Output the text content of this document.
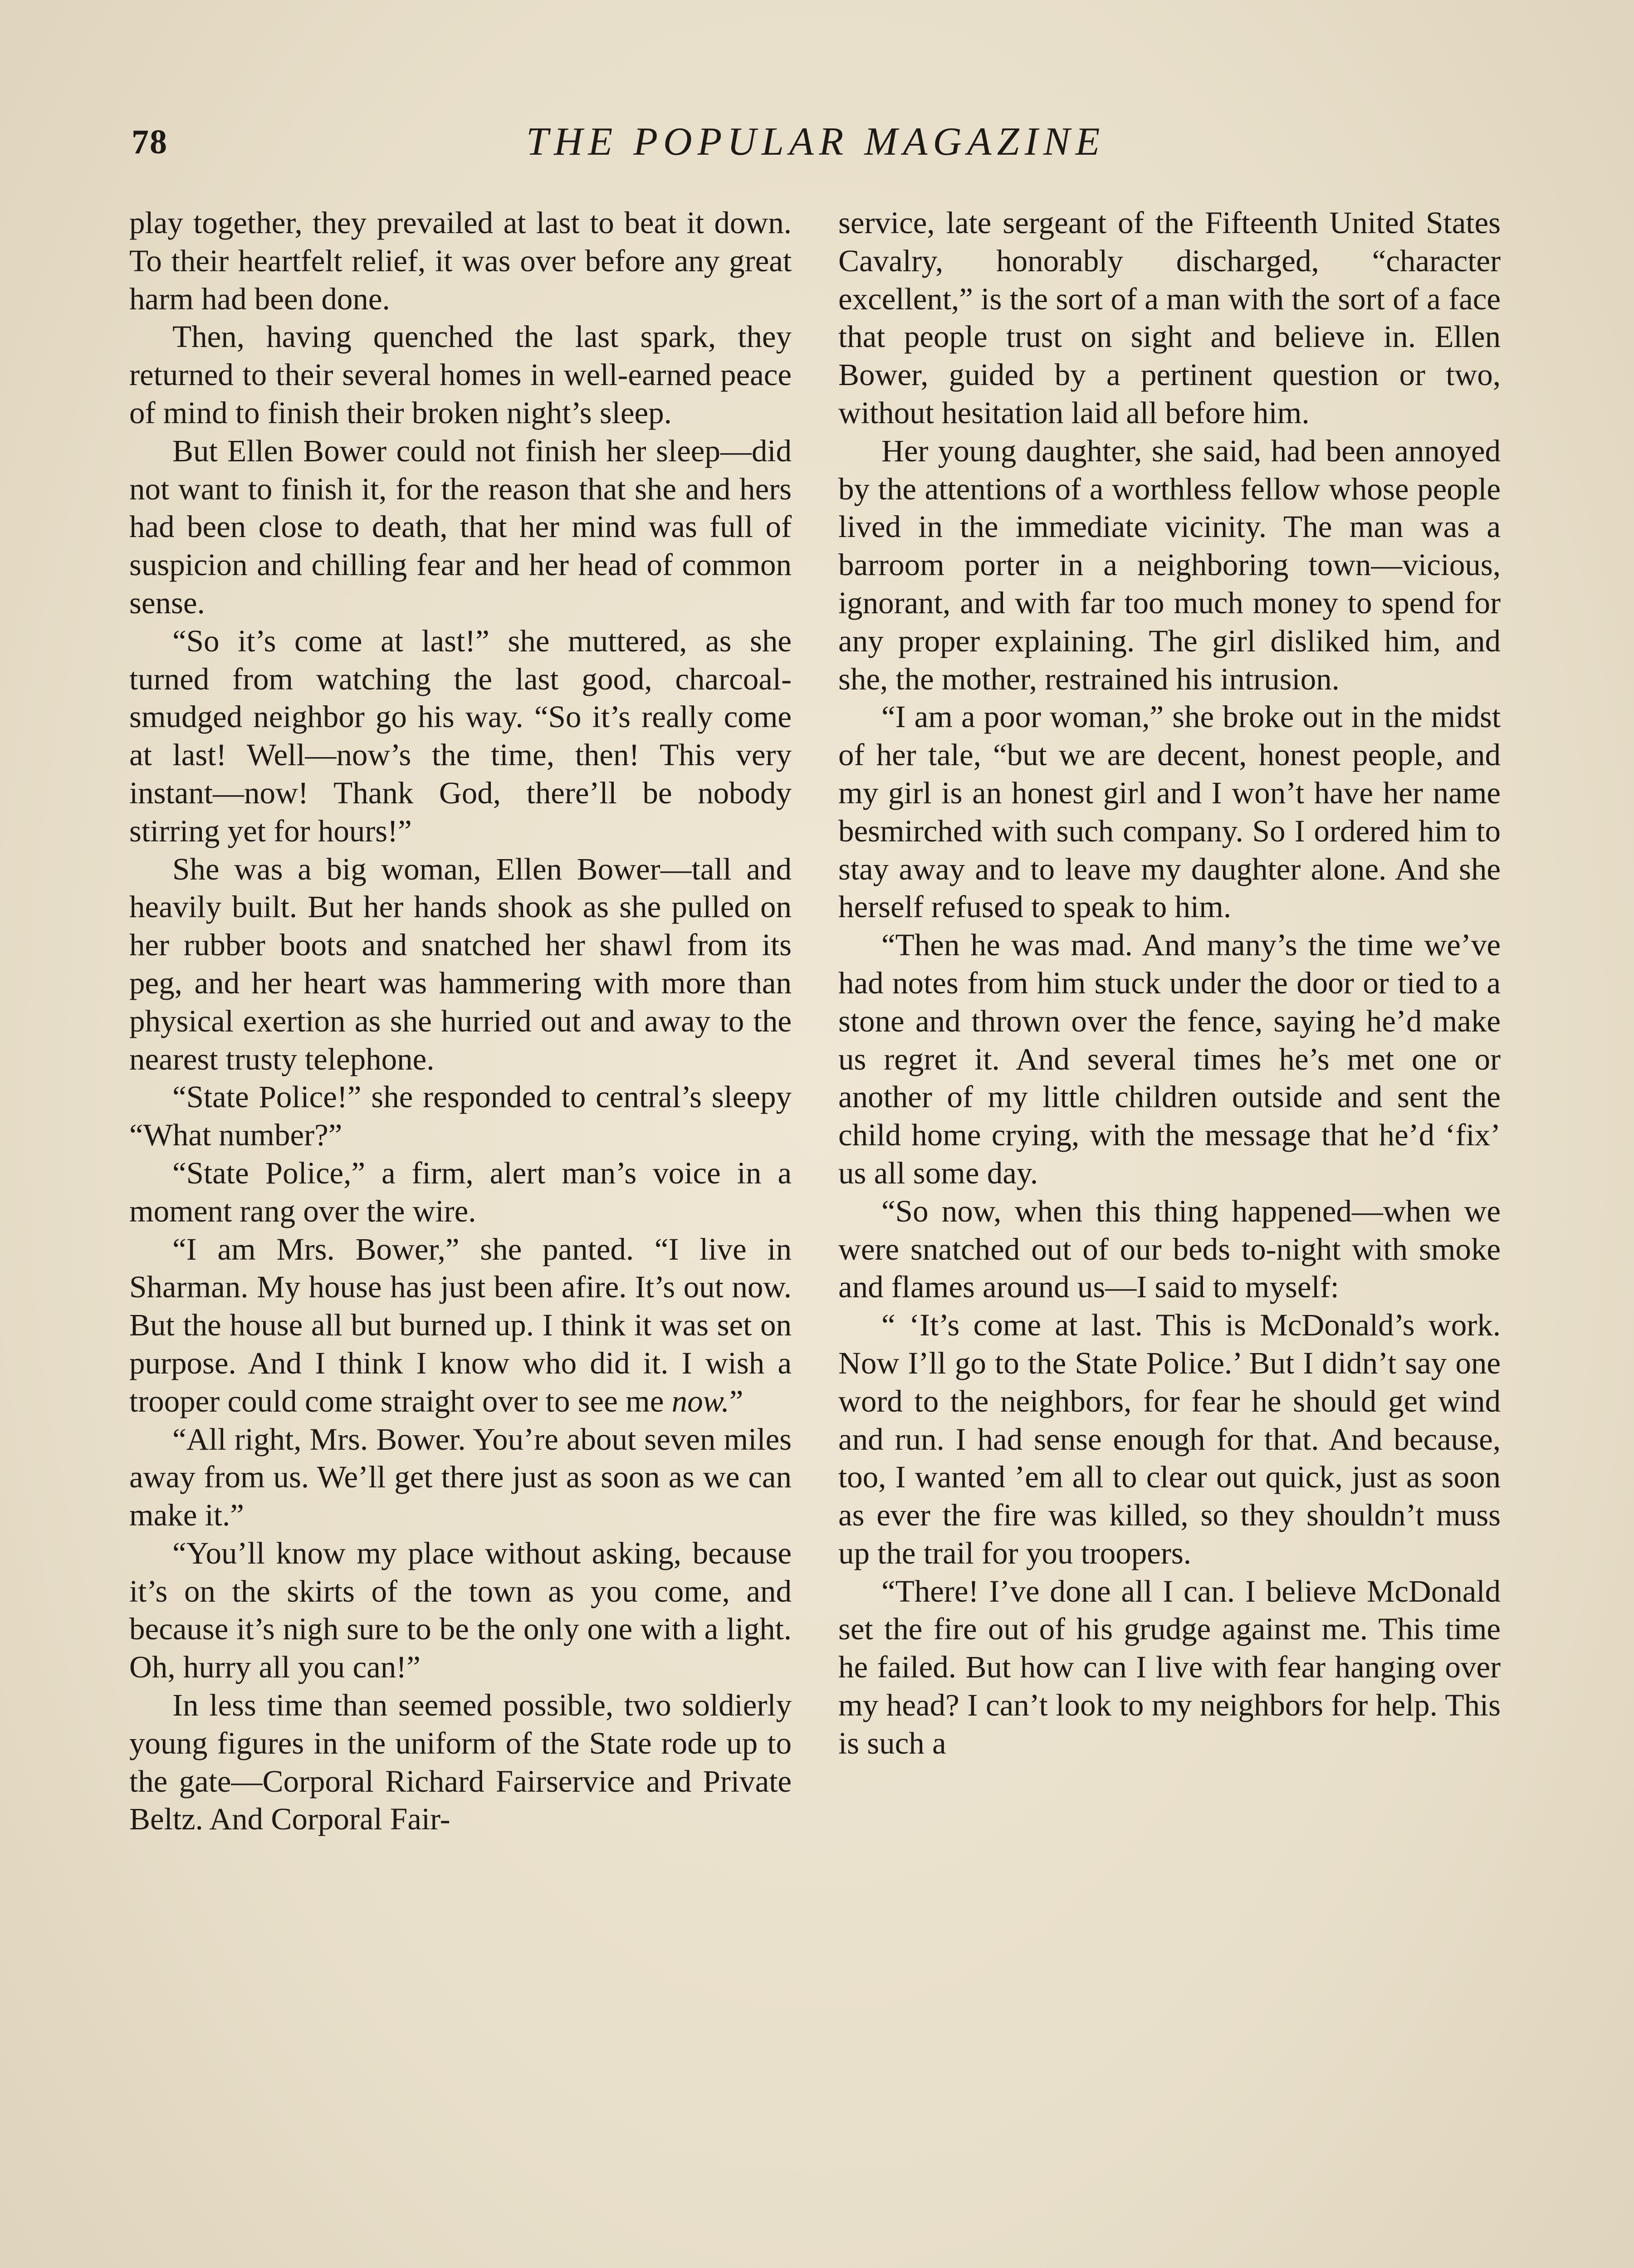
78	THE POPULAR MAGAZINE

play together, they prevailed at last to beat it down. To their heartfelt relief, it was over before any great harm had been done.

Then, having quenched the last spark, they returned to their several homes in well-earned peace of mind to finish their broken night’s sleep.

But Ellen Bower could not finish her sleep—did not want to finish it, for the reason that she and hers had been close to death, that her mind was full of suspicion and chilling fear and her head of common sense.

“So it’s come at last!” she muttered, as she turned from watching the last good, charcoal-smudged neighbor go his way. “So it’s really come at last! Well—now’s the time, then! This very instant—now! Thank God, there’ll be nobody stirring yet for hours!”

She was a big woman, Ellen Bower—tall and heavily built. But her hands shook as she pulled on her rubber boots and snatched her shawl from its peg, and her heart was hammering with more than physical exertion as she hurried out and away to the nearest trusty telephone.

“State Police!” she responded to central’s sleepy “What number?”

“State Police,” a firm, alert man’s voice in a moment rang over the wire.

“I am Mrs. Bower,” she panted. “I live in Sharman. My house has just been afire. It’s out now. But the house all but burned up. I think it was set on purpose. And I think I know who did it. I wish a trooper could come straight over to see me now.”

“All right, Mrs. Bower. You’re about seven miles away from us. We’ll get there just as soon as we can make it.”

“You’ll know my place without asking, because it’s on the skirts of the town as you come, and because it’s nigh sure to be the only one with a light. Oh, hurry all you can!”

In less time than seemed possible, two soldierly young figures in the uniform of the State rode up to the gate—Corporal Richard Fairservice and Private Beltz. And Corporal Fair-

service, late sergeant of the Fifteenth United States Cavalry, honorably discharged, “character excellent,” is the sort of a man with the sort of a face that people trust on sight and believe in. Ellen Bower, guided by a pertinent question or two, without hesitation laid all before him.

Her young daughter, she said, had been annoyed by the attentions of a worthless fellow whose people lived in the immediate vicinity. The man was a barroom porter in a neighboring town—vicious, ignorant, and with far too much money to spend for any proper explaining. The girl disliked him, and she, the mother, restrained his intrusion.

“I am a poor woman,” she broke out in the midst of her tale, “but we are decent, honest people, and my girl is an honest girl and I won’t have her name besmirched with such company. So I ordered him to stay away and to leave my daughter alone. And she herself refused to speak to him.

“Then he was mad. And many’s the time we’ve had notes from him stuck under the door or tied to a stone and thrown over the fence, saying he’d make us regret it. And several times he’s met one or another of my little children outside and sent the child home crying, with the message that he’d ‘fix’ us all some day.

“So now, when this thing happened—when we were snatched out of our beds to-night with smoke and flames around us—I said to myself:

“ ‘It’s come at last. This is McDonald’s work. Now I’ll go to the State Police.’ But I didn’t say one word to the neighbors, for fear he should get wind and run. I had sense enough for that. And because, too, I wanted ’em all to clear out quick, just as soon as ever the fire was killed, so they shouldn’t muss up the trail for you troopers.

“There! I’ve done all I can. I believe McDonald set the fire out of his grudge against me. This time he failed. But how can I live with fear hanging over my head? I can’t look to my neighbors for help. This is such a
